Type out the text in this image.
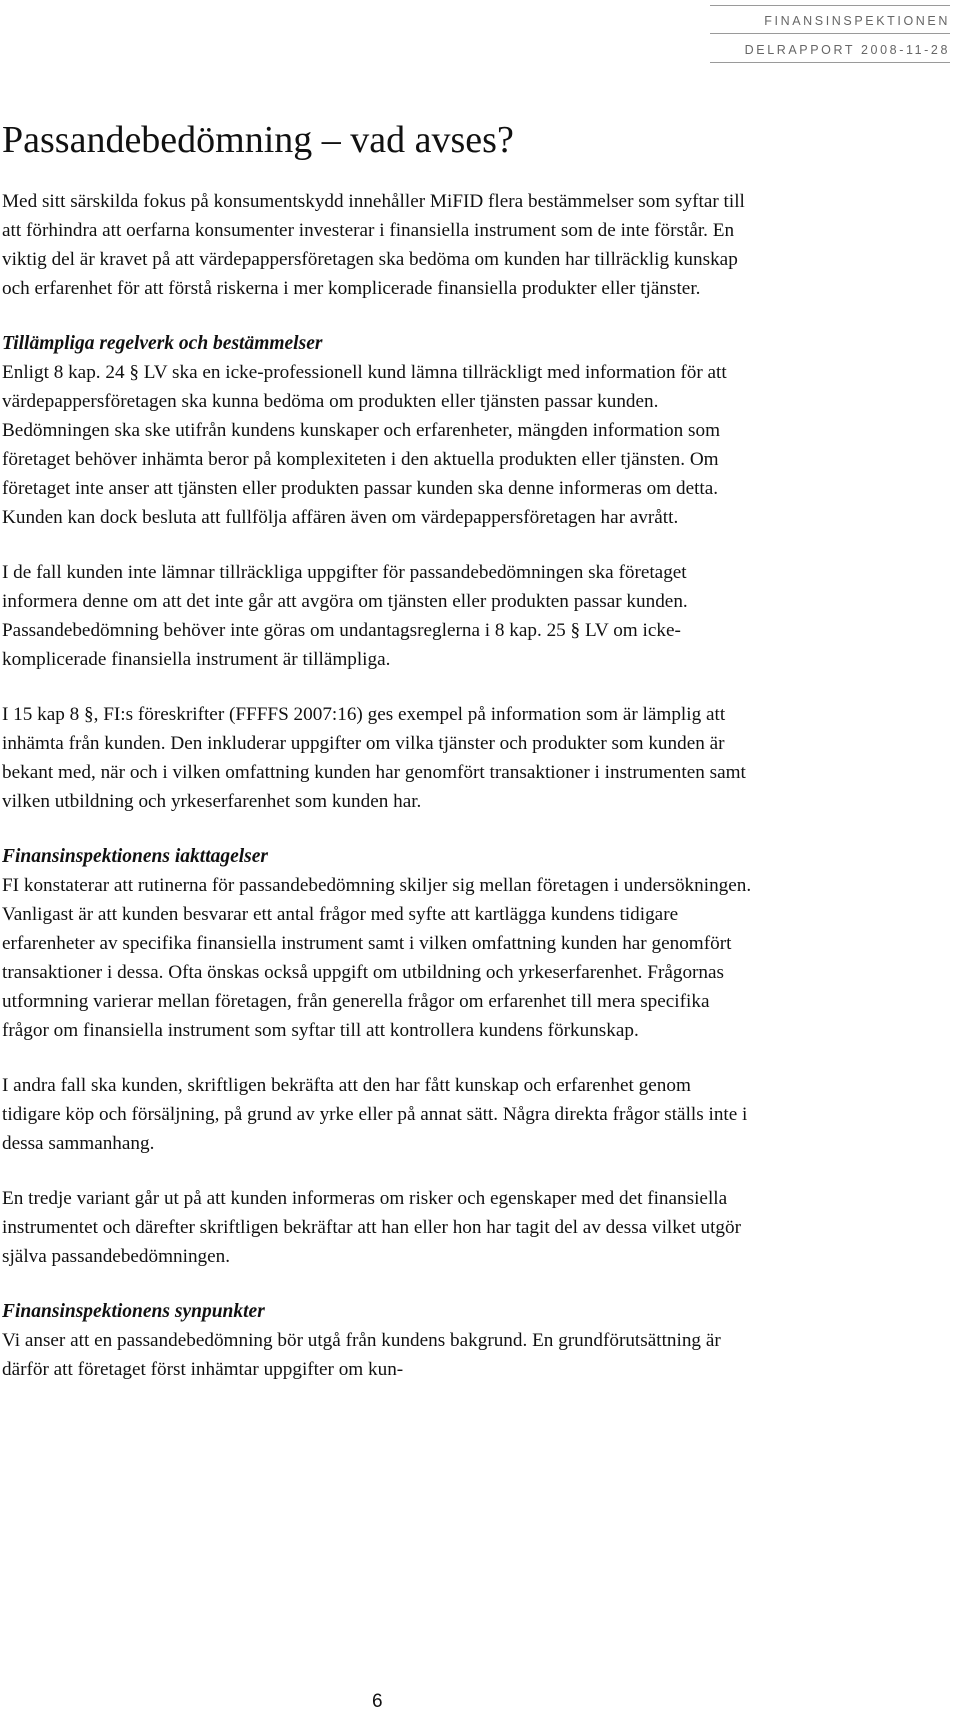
FINANSINSPEKTIONEN
DELRAPPORT 2008-11-28
Passandebedömning – vad avses?

Med sitt särskilda fokus på konsumentskydd innehåller MiFID flera bestämmelser som syftar till att förhindra att oerfarna konsumenter investerar i finansiella instrument som de inte förstår. En viktig del är kravet på att värdepappersföretagen ska bedöma om kunden har tillräcklig kunskap och erfarenhet för att förstå riskerna i mer komplicerade finansiella produkter eller tjänster.

Tillämpliga regelverk och bestämmelser

Enligt 8 kap. 24 § LV ska en icke-professionell kund lämna tillräckligt med information för att värdepappersföretagen ska kunna bedöma om produkten eller tjänsten passar kunden. Bedömningen ska ske utifrån kundens kunskaper och erfarenheter, mängden information som företaget behöver inhämta beror på komplexiteten i den aktuella produkten eller tjänsten. Om företaget inte anser att tjänsten eller produkten passar kunden ska denne informeras om detta. Kunden kan dock besluta att fullfölja affären även om värdepappersföretagen har avrått.

I de fall kunden inte lämnar tillräckliga uppgifter för passandebedömningen ska företaget informera denne om att det inte går att avgöra om tjänsten eller produkten passar kunden. Passandebedömning behöver inte göras om undantagsreglerna i 8 kap. 25 § LV om icke-komplicerade finansiella instrument är tillämpliga.

I 15 kap 8 §, FI:s föreskrifter (FFFFS 2007:16) ges exempel på information som är lämplig att inhämta från kunden. Den inkluderar uppgifter om vilka tjänster och produkter som kunden är bekant med, när och i vilken omfattning kunden har genomfört transaktioner i instrumenten samt vilken utbildning och yrkeserfarenhet som kunden har.

Finansinspektionens iakttagelser

FI konstaterar att rutinerna för passandebedömning skiljer sig mellan företagen i undersökningen. Vanligast är att kunden besvarar ett antal frågor med syfte att kartlägga kundens tidigare erfarenheter av specifika finansiella instrument samt i vilken omfattning kunden har genomfört transaktioner i dessa. Ofta önskas också uppgift om utbildning och yrkeserfarenhet. Frågornas utformning varierar mellan företagen, från generella frågor om erfarenhet till mera specifika frågor om finansiella instrument som syftar till att kontrollera kundens förkunskap.

I andra fall ska kunden, skriftligen bekräfta att den har fått kunskap och erfarenhet genom tidigare köp och försäljning, på grund av yrke eller på annat sätt. Några direkta frågor ställs inte i dessa sammanhang.

En tredje variant går ut på att kunden informeras om risker och egenskaper med det finansiella instrumentet och därefter skriftligen bekräftar att han eller hon har tagit del av dessa vilket utgör själva passandebedömningen.

Finansinspektionens synpunkter

Vi anser att en passandebedömning bör utgå från kundens bakgrund. En grundförutsättning är därför att företaget först inhämtar uppgifter om kun-

6
